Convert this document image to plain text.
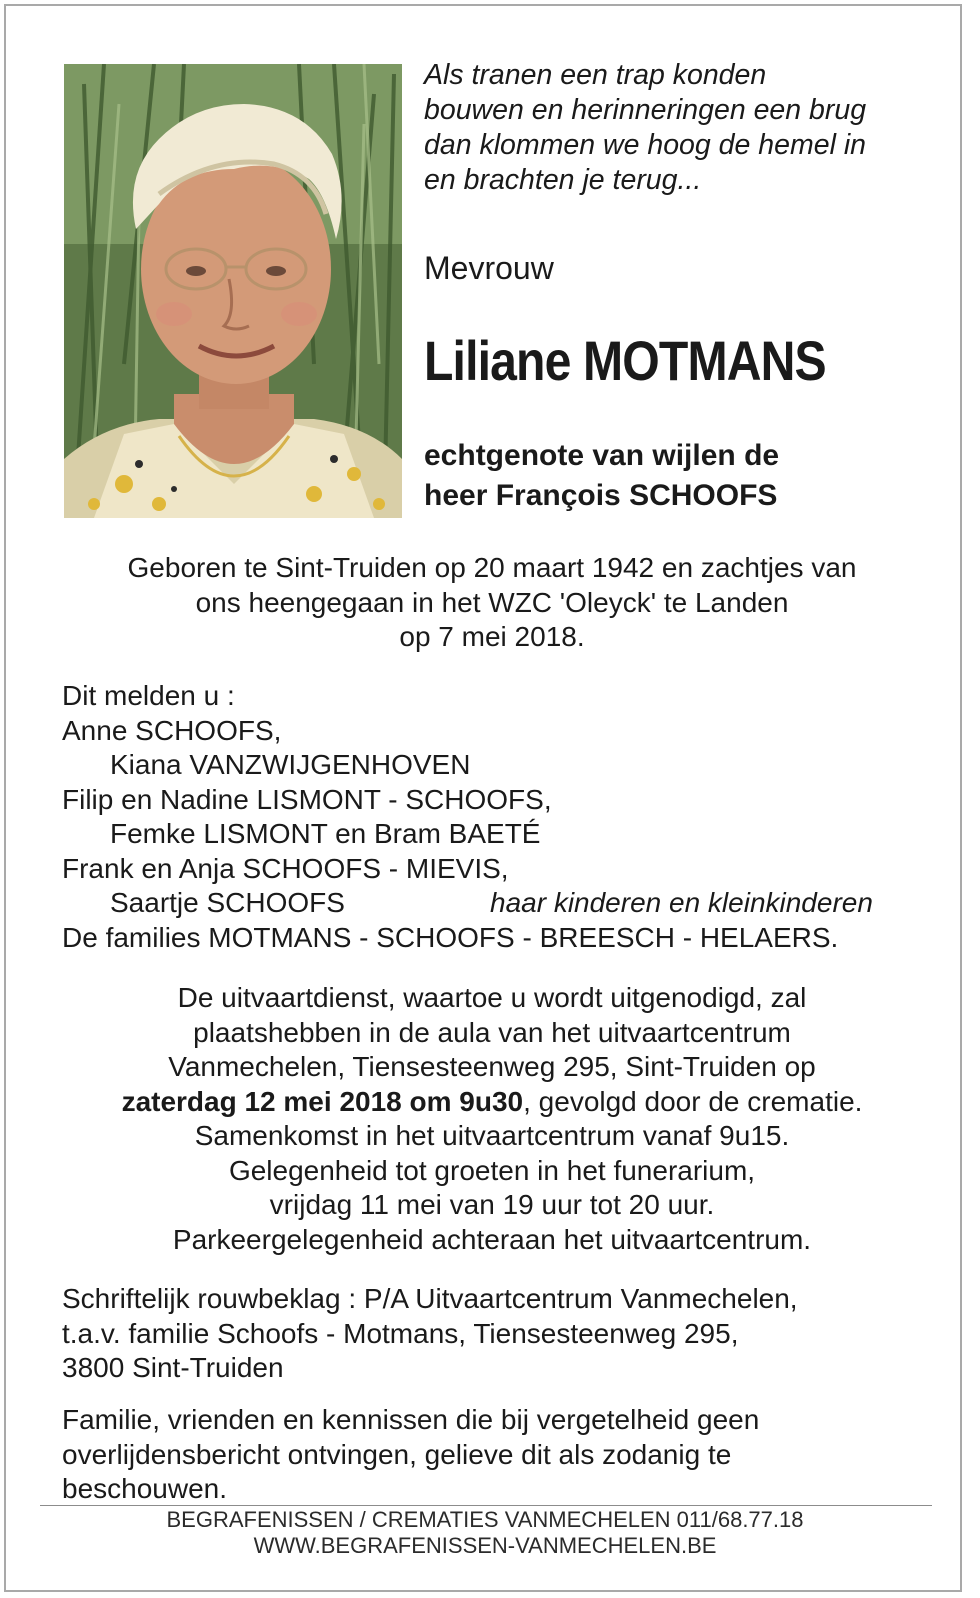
Als tranen een trap konden
bouwen en herinneringen een brug
dan klommen we hoog de hemel in
en brachten je terug...
Mevrouw
Liliane MOTMANS
echtgenote van wijlen de
heer François SCHOOFS
Geboren te Sint-Truiden op 20 maart 1942 en zachtjes van
ons heengegaan in het WZC 'Oleyck' te Landen
op 7 mei 2018.
Dit melden u :
Anne SCHOOFS,
Kiana VANZWIJGENHOVEN
Filip en Nadine LISMONT - SCHOOFS,
Femke LISMONT en Bram BAETÉ
Frank en Anja SCHOOFS - MIEVIS,
Saartje SCHOOFS	haar kinderen en kleinkinderen
De families MOTMANS - SCHOOFS - BREESCH - HELAERS.
De uitvaartdienst, waartoe u wordt uitgenodigd, zal
plaatshebben in de aula van het uitvaartcentrum
Vanmechelen, Tiensesteenweg 295, Sint-Truiden op
zaterdag 12 mei 2018 om 9u30, gevolgd door de crematie.
Samenkomst in het uitvaartcentrum vanaf 9u15.
Gelegenheid tot groeten in het funerarium,
vrijdag 11 mei van 19 uur tot 20 uur.
Parkeergelegenheid achteraan het uitvaartcentrum.
Schriftelijk rouwbeklag : P/A Uitvaartcentrum Vanmechelen,
t.a.v. familie Schoofs - Motmans, Tiensesteenweg 295,
3800 Sint-Truiden
Familie, vrienden en kennissen die bij vergetelheid geen
overlijdensbericht ontvingen, gelieve dit als zodanig te
beschouwen.
BEGRAFENISSEN / CREMATIES VANMECHELEN 011/68.77.18
WWW.BEGRAFENISSEN-VANMECHELEN.BE
